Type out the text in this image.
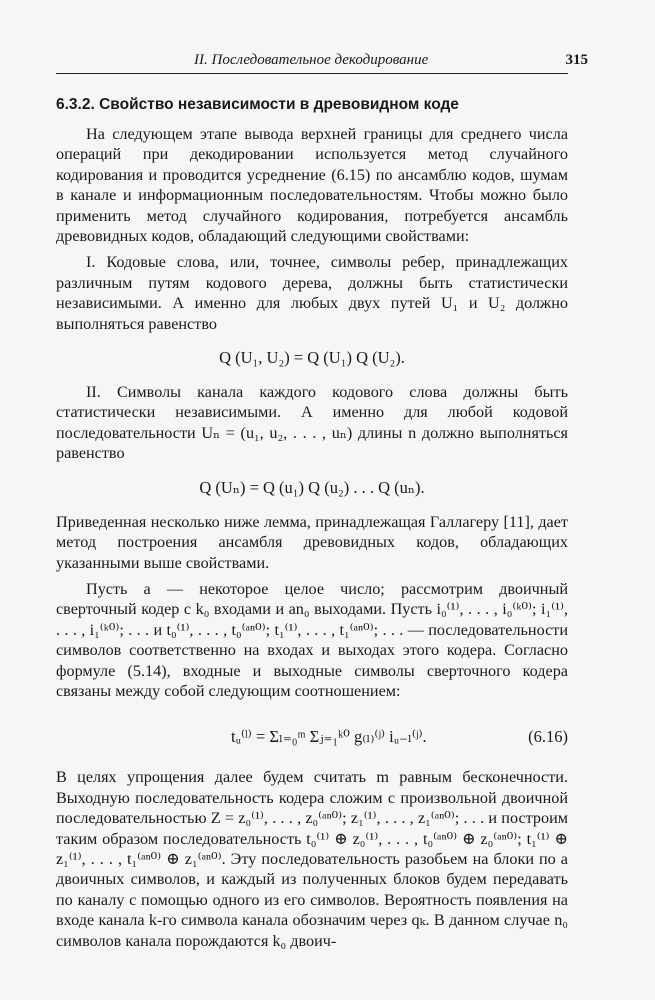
II. Последовательное декодирование	315
6.3.2. Свойство независимости в древовидном коде

На следующем этапе вывода верхней границы для среднего числа операций при декодировании используется метод случайного кодирования и проводится усреднение (6.15) по ансамблю кодов, шумам в канале и информационным последовательностям. Чтобы можно было применить метод случайного кодирования, потребуется ансамбль древовидных кодов, обладающий следующими свойствами:

I. Кодовые слова, или, точнее, символы ребер, принадлежащих различным путям кодового дерева, должны быть статистически независимыми. А именно для любых двух путей U₁ и U₂ должно выполняться равенство

Q (U₁, U₂) = Q (U₁) Q (U₂).

II. Символы канала каждого кодового слова должны быть статистически независимыми. А именно для любой кодовой последовательности Uₙ = (u₁, u₂, . . . , uₙ) длины n должно выполняться равенство

Q (Uₙ) = Q (u₁) Q (u₂) . . . Q (uₙ).

Приведенная несколько ниже лемма, принадлежащая Галлагеру [11], дает метод построения ансамбля древовидных кодов, обладающих указанными выше свойствами.

Пусть a — некоторое целое число; рассмотрим двоичный сверточный кодер с k₀ входами и an₀ выходами. Пусть i₀⁽¹⁾, . . . , i₀⁽ᵏ⁰⁾; i₁⁽¹⁾, . . . , i₁⁽ᵏ⁰⁾; . . . и t₀⁽¹⁾, . . . , t₀⁽ᵃⁿ⁰⁾; t₁⁽¹⁾, . . . , t₁⁽ᵃⁿ⁰⁾; . . . — последовательности символов соответственно на входах и выходах этого кодера. Согласно формуле (5.14), входные и выходные символы сверточного кодера связаны между собой следующим соотношением:

tᵤ⁽ˡ⁾ = Σₗ₌₀ᵐ Σⱼ₌₁ᵏ⁰ g₍ₗ₎⁽ʲ⁾ iᵤ₋ₗ⁽ʲ⁾.	(6.16)

В целях упрощения далее будем считать m равным бесконечности. Выходную последовательность кодера сложим с произвольной двоичной последовательностью Z = z₀⁽¹⁾, . . . , z₀⁽ᵃⁿ⁰⁾; z₁⁽¹⁾, . . . , z₁⁽ᵃⁿ⁰⁾; . . . и построим таким образом последовательность t₀⁽¹⁾ ⊕ z₀⁽¹⁾, . . . , t₀⁽ᵃⁿ⁰⁾ ⊕ z₀⁽ᵃⁿ⁰⁾; t₁⁽¹⁾ ⊕ z₁⁽¹⁾, . . . , t₁⁽ᵃⁿ⁰⁾ ⊕ z₁⁽ᵃⁿ⁰⁾. Эту последовательность разобьем на блоки по a двоичных символов, и каждый из полученных блоков будем передавать по каналу с помощью одного из его символов. Вероятность появления на входе канала k-го символа канала обозначим через qₖ. В данном случае n₀ символов канала порождаются k₀ двоич-
